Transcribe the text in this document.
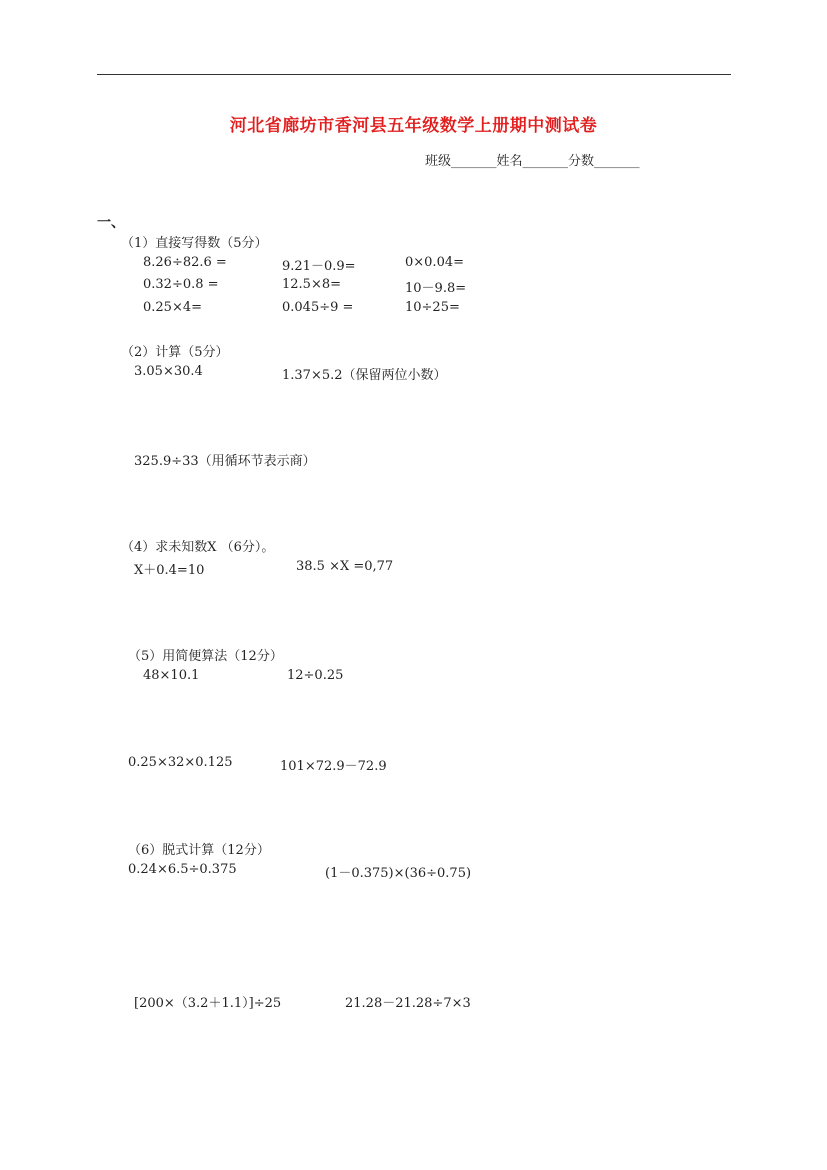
河北省廊坊市香河县五年级数学上册期中测试卷
班级_______姓名_______分数_______
一、
（1）直接写得数（5分）
8.26÷82.6 =	9.21－0.9=	0×0.04=
0.32÷0.8 =	12.5×8=	10－9.8=
0.25×4=	0.045÷9 =	10÷25=
（2）计算（5分）
3.05×30.4	1.37×5.2（保留两位小数）
325.9÷33（用循环节表示商）
（4）求未知数X （6分）。
X＋0.4=10	38.5 ×X =0,77
（5）用简便算法（12分）
48×10.1	12÷0.25
0.25×32×0.125	101×72.9－72.9
（6）脱式计算（12分）
0.24×6.5÷0.375	(1－0.375)×(36÷0.75)
[200×（3.2＋1.1）]÷25	21.28－21.28÷7×3
